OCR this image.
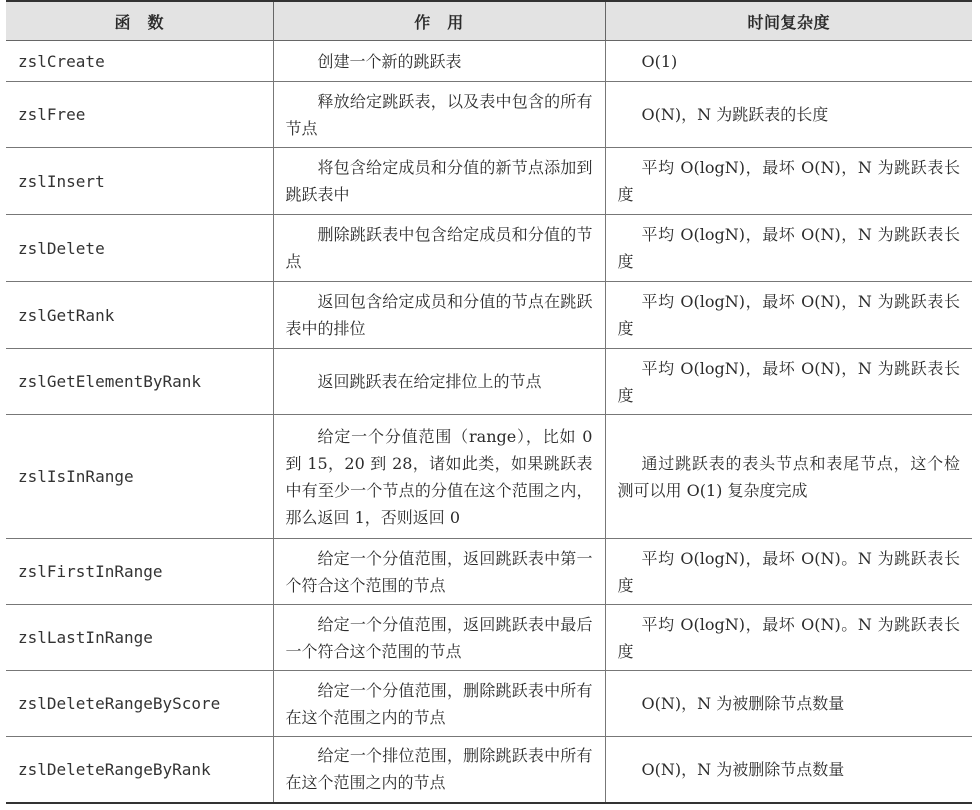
函　数	作　用	时间复杂度
zslCreate	创建一个新的跳跃表	O(1)
zslFree	释放给定跳跃表，以及表中包含的所有节点	O(N)，N 为跳跃表的长度
zslInsert	将包含给定成员和分值的新节点添加到跳跃表中	平均 O(logN)，最坏 O(N)，N 为跳跃表长度
zslDelete	删除跳跃表中包含给定成员和分值的节点	平均 O(logN)，最坏 O(N)，N 为跳跃表长度
zslGetRank	返回包含给定成员和分值的节点在跳跃表中的排位	平均 O(logN)，最坏 O(N)，N 为跳跃表长度
zslGetElementByRank	返回跳跃表在给定排位上的节点	平均 O(logN)，最坏 O(N)，N 为跳跃表长度
zslIsInRange	给定一个分值范围（range），比如 0 到 15，20 到 28，诸如此类，如果跳跃表中有至少一个节点的分值在这个范围之内，那么返回 1，否则返回 0	通过跳跃表的表头节点和表尾节点，这个检测可以用 O(1) 复杂度完成
zslFirstInRange	给定一个分值范围，返回跳跃表中第一个符合这个范围的节点	平均 O(logN)，最坏 O(N)。N 为跳跃表长度
zslLastInRange	给定一个分值范围，返回跳跃表中最后一个符合这个范围的节点	平均 O(logN)，最坏 O(N)。N 为跳跃表长度
zslDeleteRangeByScore	给定一个分值范围，删除跳跃表中所有在这个范围之内的节点	O(N)，N 为被删除节点数量
zslDeleteRangeByRank	给定一个排位范围，删除跳跃表中所有在这个范围之内的节点	O(N)，N 为被删除节点数量
